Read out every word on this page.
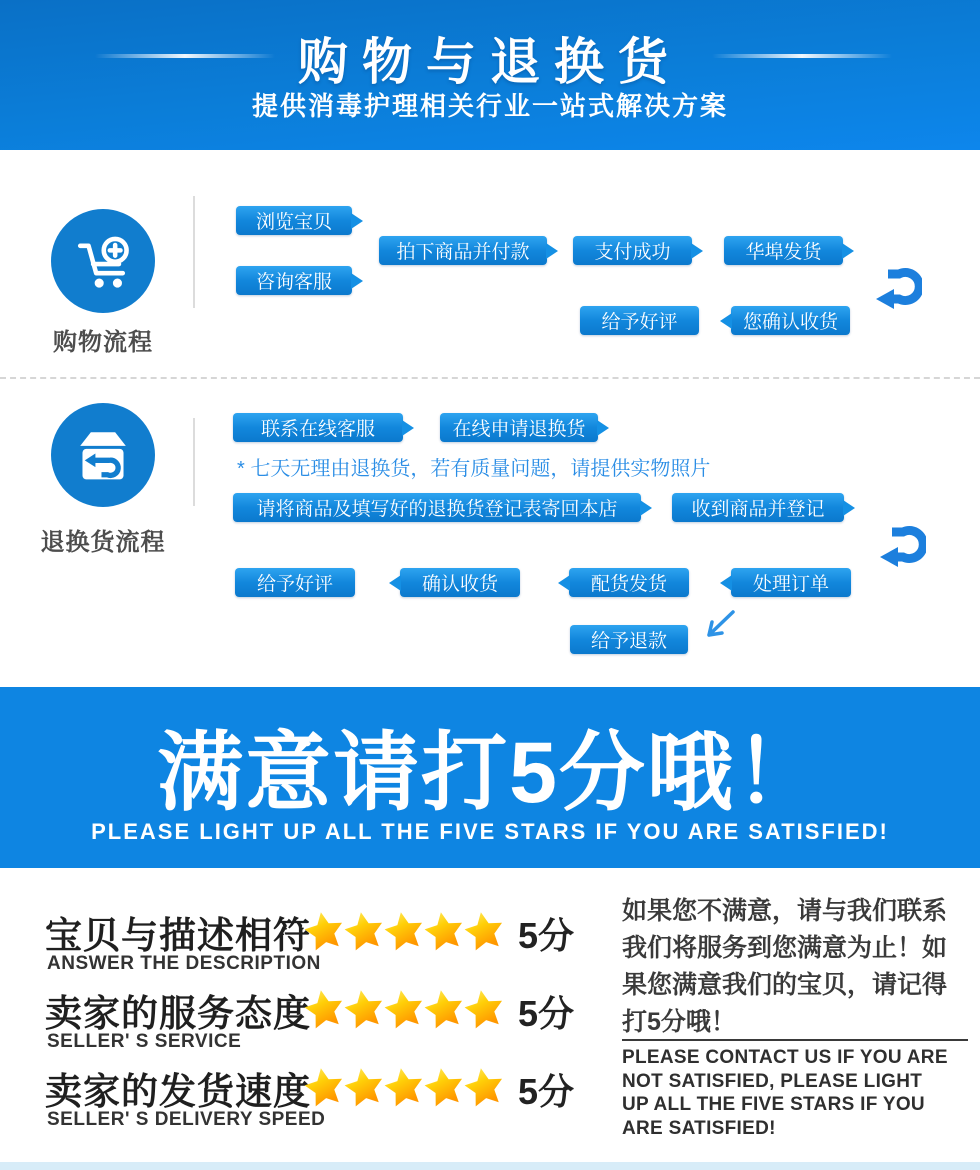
购物与退换货
提供消毒护理相关行业一站式解决方案
购物流程
浏览宝贝
咨询客服
拍下商品并付款	支付成功	华埠发货
您确认收货
给予好评
退换货流程
联系在线客服	在线申请退换货
* 七天无理由退换货，若有质量问题，请提供实物照片
请将商品及填写好的退换货登记表寄回本店	收到商品并登记
处理订单
配货发货
确认收货
给予好评
给予退款
满意请打5分哦！
PLEASE LIGHT UP ALL THE FIVE STARS IF YOU ARE SATISFIED!
宝贝与描述相符
ANSWER THE DESCRIPTION
5分
卖家的服务态度
SELLER' S SERVICE
5分
卖家的发货速度
SELLER' S DELIVERY SPEED
5分
如果您不满意，请与我们联系 我们将服务到您满意为止！如果您满意我们的宝贝，请记得打5分哦！
PLEASE CONTACT US IF YOU ARE NOT SATISFIED, PLEASE LIGHT UP ALL THE FIVE STARS IF YOU ARE SATISFIED!
